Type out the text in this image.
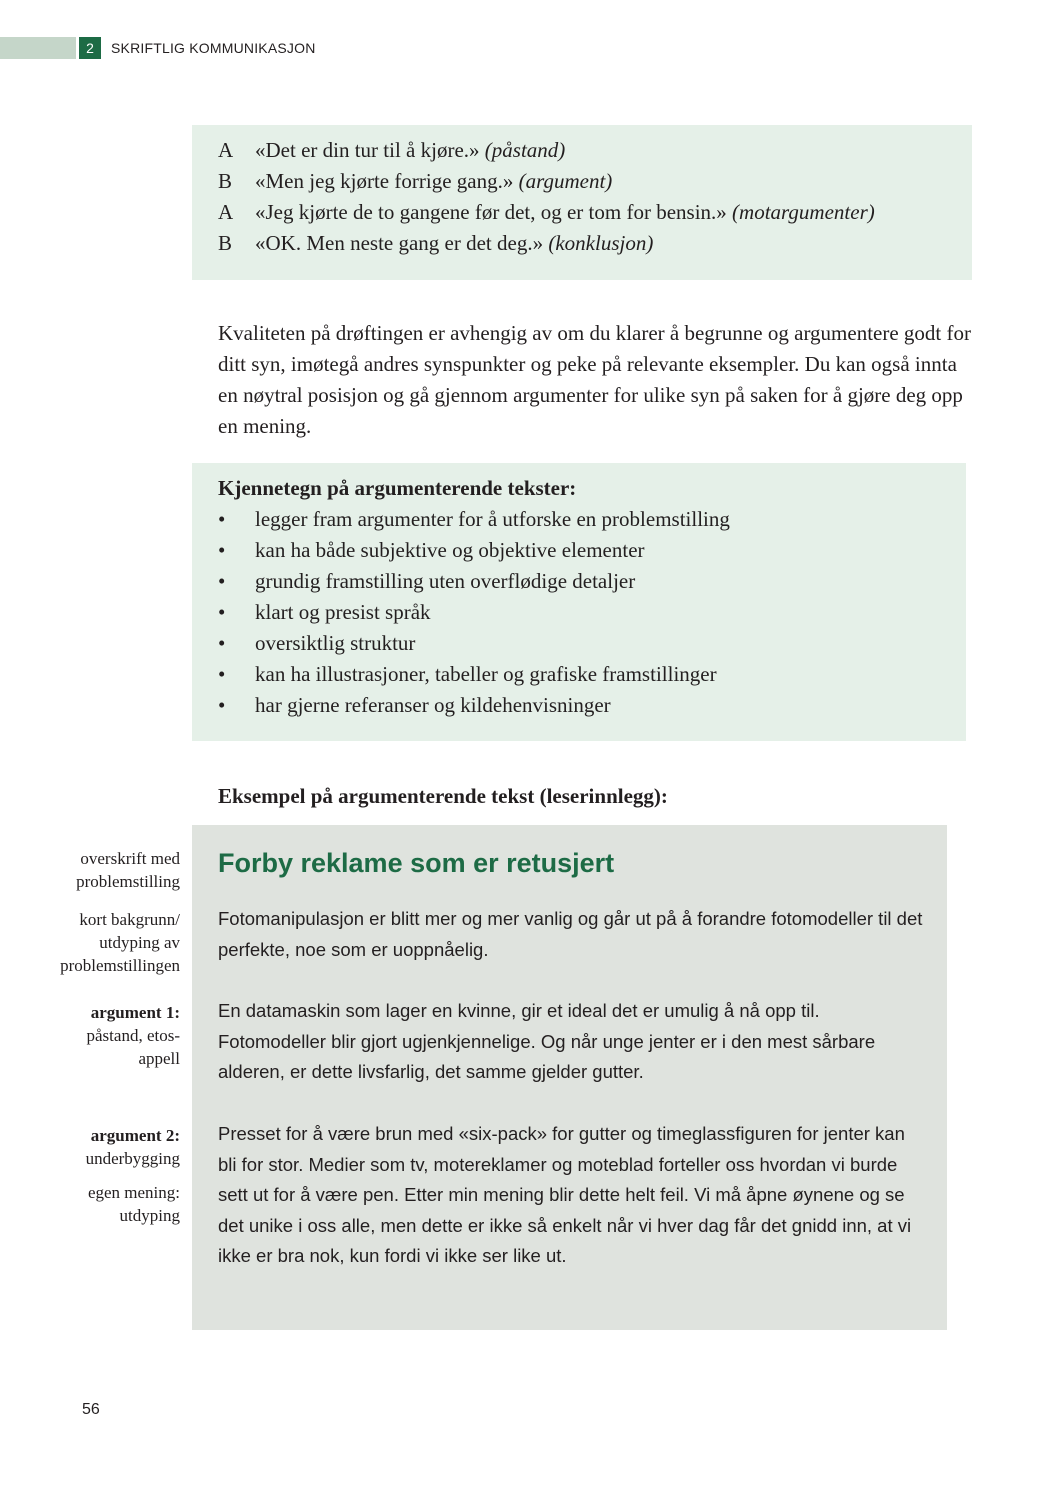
2	SKRIFTLIG KOMMUNIKASJON
A «Det er din tur til å kjøre.» (påstand)
B «Men jeg kjørte forrige gang.» (argument)
A «Jeg kjørte de to gangene før det, og er tom for bensin.» (motargumenter)
B «OK. Men neste gang er det deg.» (konklusjon)

Kvaliteten på drøftingen er avhengig av om du klarer å begrunne og argumentere godt for ditt syn, imøtegå andres synspunkter og peke på relevante eksempler. Du kan også innta en nøytral posisjon og gå gjennom argumenter for ulike syn på saken for å gjøre deg opp en mening.

Kjennetegn på argumenterende tekster:

• legger fram argumenter for å utforske en problemstilling
• kan ha både subjektive og objektive elementer
• grundig framstilling uten overflødige detaljer
• klart og presist språk
• oversiktlig struktur
• kan ha illustrasjoner, tabeller og grafiske framstillinger
• har gjerne referanser og kildehenvisninger

Eksempel på argumenterende tekst (leserinnlegg):

Forby reklame som er retusjert

Fotomanipulasjon er blitt mer og mer vanlig og går ut på å forandre fotomodeller til det perfekte, noe som er uoppnåelig.

En datamaskin som lager en kvinne, gir et ideal det er umulig å nå opp til. Fotomodeller blir gjort ugjenkjennelige. Og når unge jenter er i den mest sårbare alderen, er dette livsfarlig, det samme gjelder gutter.

Presset for å være brun med «six-pack» for gutter og timeglassfiguren for jenter kan bli for stor. Medier som tv, motereklamer og moteblad forteller oss hvordan vi burde sett ut for å være pen. Etter min mening blir dette helt feil. Vi må åpne øynene og se det unike i oss alle, men dette er ikke så enkelt når vi hver dag får det gnidd inn, at vi ikke er bra nok, kun fordi vi ikke ser like ut.

overskrift med problemstilling

kort bakgrunn/ utdyping av problemstillingen

argument 1: påstand, etos-appell

argument 2: underbygging

egen mening: utdyping

56
